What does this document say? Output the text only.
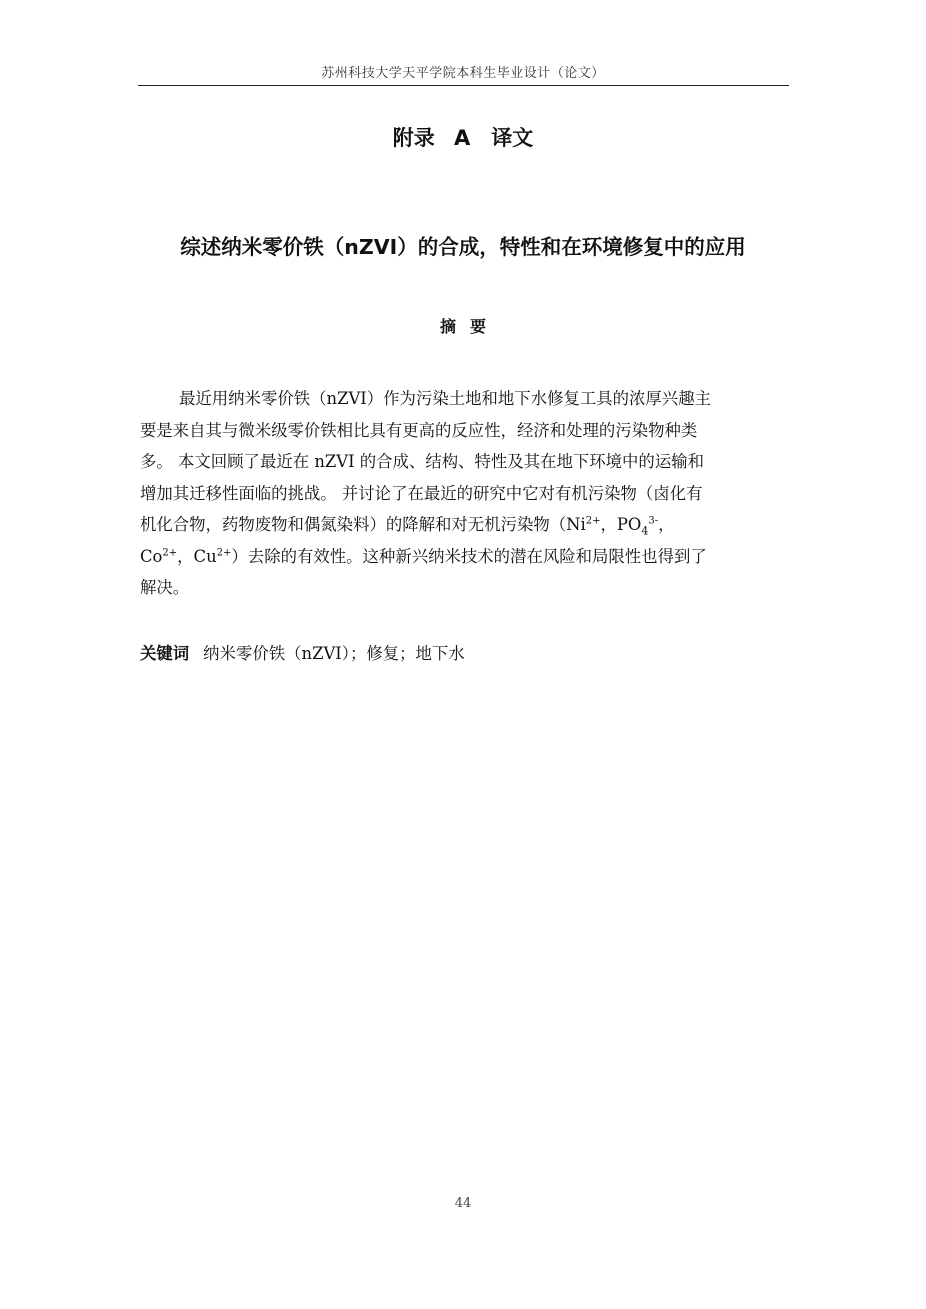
苏州科技大学天平学院本科生毕业设计（论文）
附录 A　译文
综述纳米零价铁（nZVI）的合成，特性和在环境修复中的应用
摘要
最近用纳米零价铁（nZVI）作为污染土地和地下水修复工具的浓厚兴趣主
要是来自其与微米级零价铁相比具有更高的反应性，经济和处理的污染物种类
多。 本文回顾了最近在 nZVI 的合成、结构、特性及其在地下环境中的运输和
增加其迁移性面临的挑战。 并讨论了在最近的研究中它对有机污染物（卤化有
机化合物，药物废物和偶氮染料）的降解和对无机污染物（$Ni^{2+}$，$PO_4^{3-}$，
$Co^{2+}$，$Cu^{2+}$）去除的有效性。这种新兴纳米技术的潜在风险和局限性也得到了
解决。
关键词 纳米零价铁（nZVI）；修复；地下水
44
